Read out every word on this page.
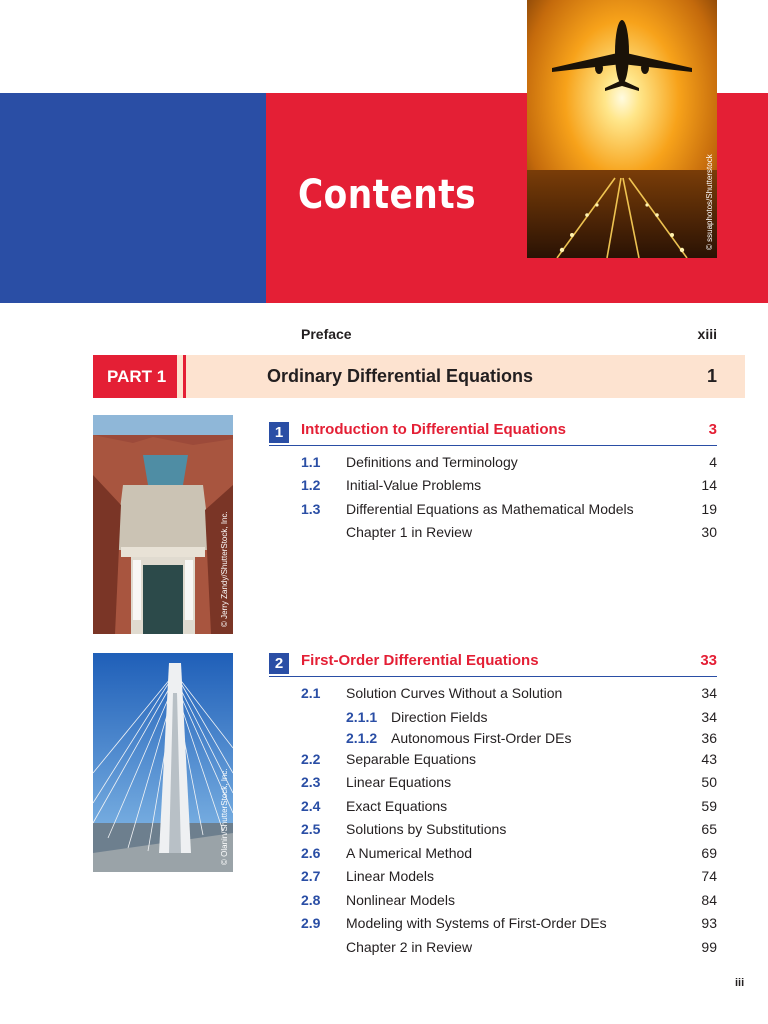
Contents	© ssuaphotos/Shutterstock
Preface	xiii
PART 1	Ordinary Differential Equations	1
© Jerry Zandy/ShutterStock, Inc.
1	Introduction to Differential Equations	3
1.1 Definitions and Terminology	4
1.2 Initial-Value Problems	14
1.3 Differential Equations as Mathematical Models	19
Chapter 1 in Review	30
© Olanin/ShutterStock, Inc.
2	First-Order Differential Equations	33
2.1 Solution Curves Without a Solution	34
2.1.1 Direction Fields	34
2.1.2 Autonomous First-Order DEs	36
2.2 Separable Equations	43
2.3 Linear Equations	50
2.4 Exact Equations	59
2.5 Solutions by Substitutions	65
2.6 A Numerical Method	69
2.7 Linear Models	74
2.8 Nonlinear Models	84
2.9 Modeling with Systems of First-Order DEs	93
Chapter 2 in Review	99
iii
